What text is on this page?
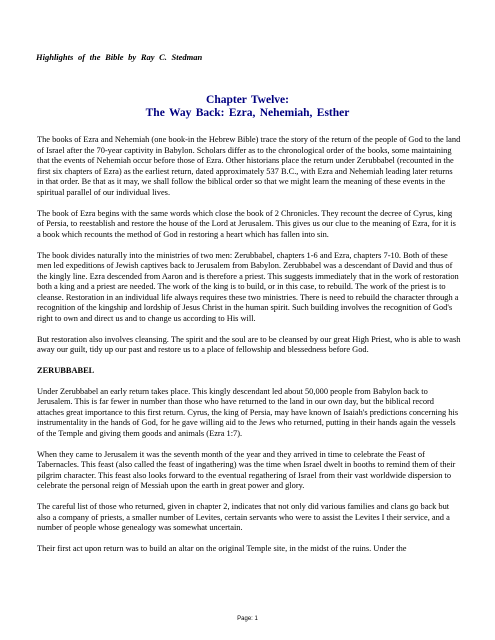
Highlights of the Bible by Ray C. Stedman

Chapter Twelve:
The Way Back: Ezra, Nehemiah, Esther

The books of Ezra and Nehemiah (one book-in the Hebrew Bible) trace the story of the return of the people of God to the land of Israel after the 70-year captivity in Babylon. Scholars differ as to the chronological order of the books, some maintaining that the events of Nehemiah occur before those of Ezra. Other historians place the return under Zerubbabel (recounted in the first six chapters of Ezra) as the earliest return, dated approximately 537 B.C., with Ezra and Nehemiah leading later returns in that order. Be that as it may, we shall follow the biblical order so that we might learn the meaning of these events in the spiritual parallel of our individual lives.

The book of Ezra begins with the same words which close the book of 2 Chronicles. They recount the decree of Cyrus, king of Persia, to reestablish and restore the house of the Lord at Jerusalem. This gives us our clue to the meaning of Ezra, for it is a book which recounts the method of God in restoring a heart which has fallen into sin.

The book divides naturally into the ministries of two men: Zerubbabel, chapters 1-6 and Ezra, chapters 7-10. Both of these men led expeditions of Jewish captives back to Jerusalem from Babylon. Zerubbabel was a descendant of David and thus of the kingly line. Ezra descended from Aaron and is therefore a priest. This suggests immediately that in the work of restoration both a king and a priest are needed. The work of the king is to build, or in this case, to rebuild. The work of the priest is to cleanse. Restoration in an individual life always requires these two ministries. There is need to rebuild the character through a recognition of the kingship and lordship of Jesus Christ in the human spirit. Such building involves the recognition of God's right to own and direct us and to change us according to His will.

But restoration also involves cleansing. The spirit and the soul are to be cleansed by our great High Priest, who is able to wash away our guilt, tidy up our past and restore us to a place of fellowship and blessedness before God.

ZERUBBABEL

Under Zerubbabel an early return takes place. This kingly descendant led about 50,000 people from Babylon back to Jerusalem. This is far fewer in number than those who have returned to the land in our own day, but the biblical record attaches great importance to this first return. Cyrus, the king of Persia, may have known of Isaiah's predictions concerning his instrumentality in the hands of God, for he gave willing aid to the Jews who returned, putting in their hands again the vessels of the Temple and giving them goods and animals (Ezra 1:7).

When they came to Jerusalem it was the seventh month of the year and they arrived in time to celebrate the Feast of Tabernacles. This feast (also called the feast of ingathering) was the time when Israel dwelt in booths to remind them of their pilgrim character. This feast also looks forward to the eventual regathering of Israel from their vast worldwide dispersion to celebrate the personal reign of Messiah upon the earth in great power and glory.

The careful list of those who returned, given in chapter 2, indicates that not only did various families and clans go back but also a company of priests, a smaller number of Levites, certain servants who were to assist the Levites I their service, and a number of people whose genealogy was somewhat uncertain.

Their first act upon return was to build an altar on the original Temple site, in the midst of the ruins. Under the

Page: 1
